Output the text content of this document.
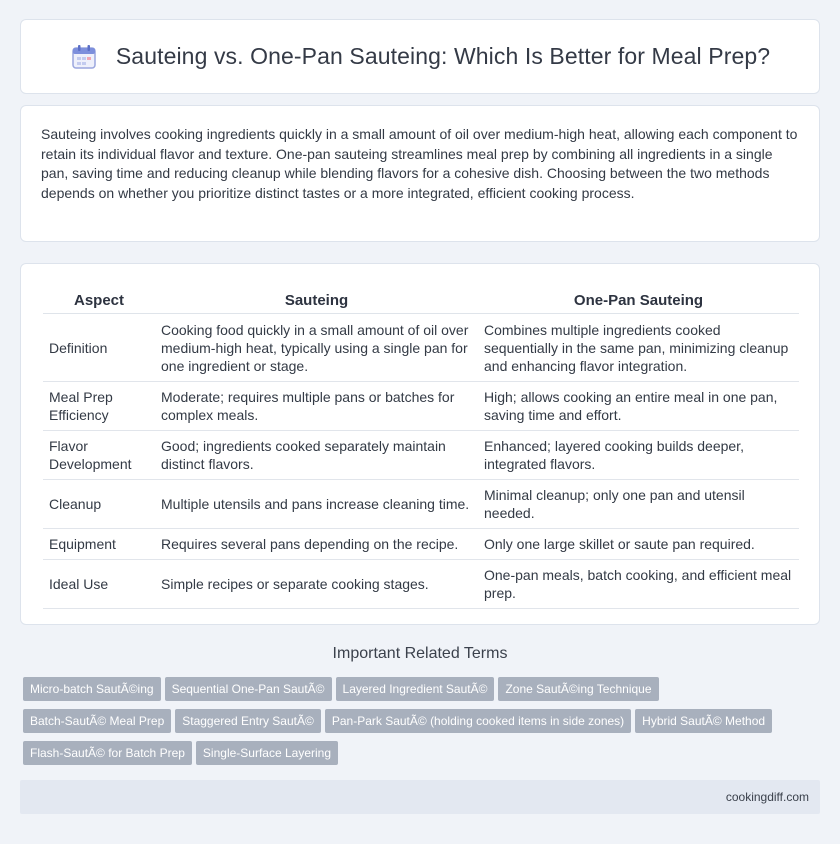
Sauteing vs. One-Pan Sauteing: Which Is Better for Meal Prep?

Sauteing involves cooking ingredients quickly in a small amount of oil over medium-high heat, allowing each component to retain its individual flavor and texture. One-pan sauteing streamlines meal prep by combining all ingredients in a single pan, saving time and reducing cleanup while blending flavors for a cohesive dish. Choosing between the two methods depends on whether you prioritize distinct tastes or a more integrated, efficient cooking process.

Aspect	Sauteing	One-Pan Sauteing
Definition	Cooking food quickly in a small amount of oil over medium-high heat, typically using a single pan for one ingredient or stage.	Combines multiple ingredients cooked sequentially in the same pan, minimizing cleanup and enhancing flavor integration.
Meal Prep Efficiency	Moderate; requires multiple pans or batches for complex meals.	High; allows cooking an entire meal in one pan, saving time and effort.
Flavor Development	Good; ingredients cooked separately maintain distinct flavors.	Enhanced; layered cooking builds deeper, integrated flavors.
Cleanup	Multiple utensils and pans increase cleaning time.	Minimal cleanup; only one pan and utensil needed.
Equipment	Requires several pans depending on the recipe.	Only one large skillet or saute pan required.
Ideal Use	Simple recipes or separate cooking stages.	One-pan meals, batch cooking, and efficient meal prep.
Important Related Terms
Micro-batch SautÃ©ing Sequential One-Pan SautÃ© Layered Ingredient SautÃ© Zone SautÃ©ing Technique
Batch-SautÃ© Meal Prep Staggered Entry SautÃ© Pan-Park SautÃ© (holding cooked items in side zones) Hybrid SautÃ© Method
Flash-SautÃ© for Batch Prep Single-Surface Layering
cookingdiff.com
